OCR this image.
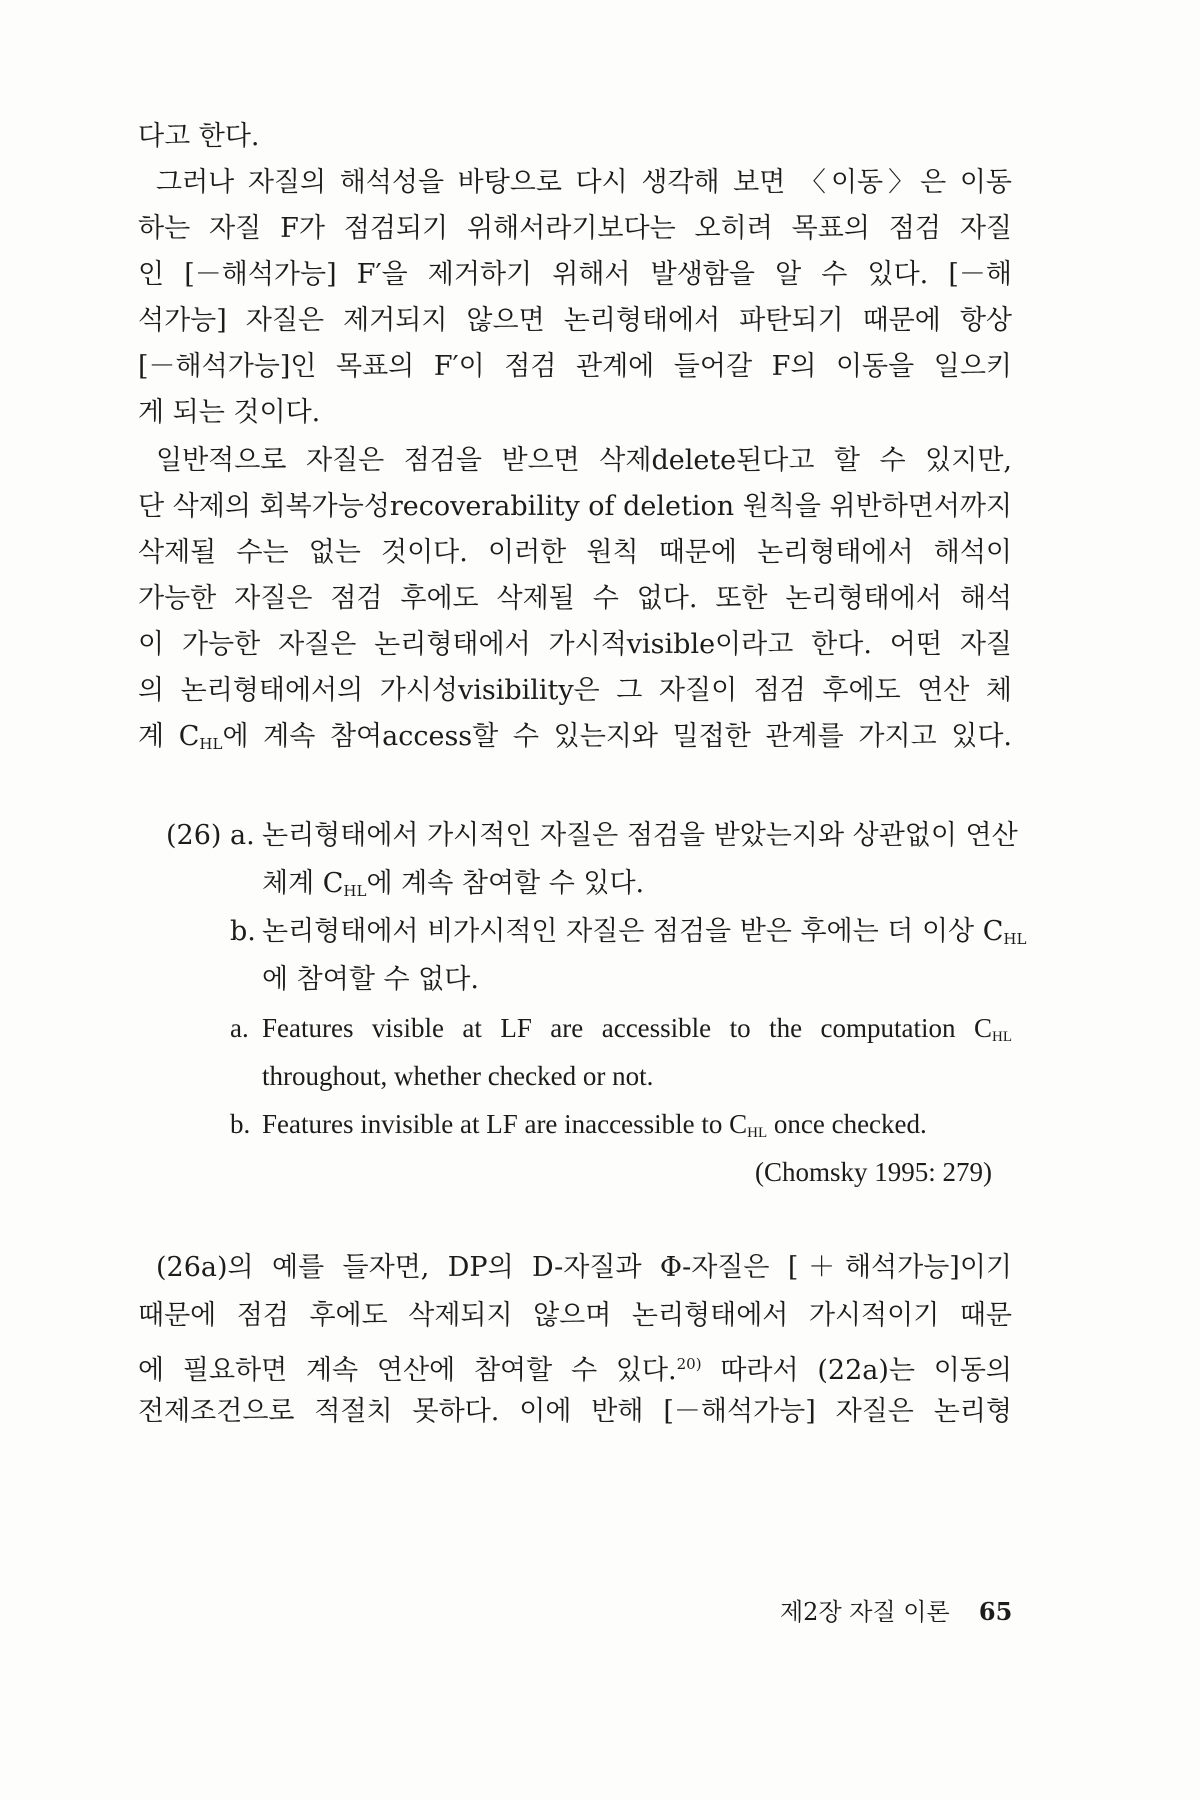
다고 한다.
그러나 자질의 해석성을 바탕으로 다시 생각해 보면 〈이동〉은 이동
하는 자질 F가 점검되기 위해서라기보다는 오히려 목표의 점검 자질
인 [－해석가능] F′을 제거하기 위해서 발생함을 알 수 있다. [－해
석가능] 자질은 제거되지 않으면 논리형태에서 파탄되기 때문에 항상
[－해석가능]인 목표의 F′이 점검 관계에 들어갈 F의 이동을 일으키
게 되는 것이다.
일반적으로 자질은 점검을 받으면 삭제delete된다고 할 수 있지만,
단 삭제의 회복가능성recoverability of deletion 원칙을 위반하면서까지
삭제될 수는 없는 것이다. 이러한 원칙 때문에 논리형태에서 해석이
가능한 자질은 점검 후에도 삭제될 수 없다. 또한 논리형태에서 해석
이 가능한 자질은 논리형태에서 가시적visible이라고 한다. 어떤 자질
의 논리형태에서의 가시성visibility은 그 자질이 점검 후에도 연산 체
계 $C_{HL}$에 계속 참여access할 수 있는지와 밀접한 관계를 가지고 있다.
(26) a. 논리형태에서 가시적인 자질은 점검을 받았는지와 상관없이 연산
체계 $C_{HL}$에 계속 참여할 수 있다.
b. 논리형태에서 비가시적인 자질은 점검을 받은 후에는 더 이상 $C_{HL}$
에 참여할 수 없다.
a. Features visible at LF are accessible to the computation $C_{HL}$
throughout, whether checked or not.
b. Features invisible at LF are inaccessible to $C_{HL}$ once checked.
(Chomsky 1995: 279)
(26a)의 예를 들자면, DP의 D-자질과 Φ-자질은 [＋해석가능]이기
때문에 점검 후에도 삭제되지 않으며 논리형태에서 가시적이기 때문
에 필요하면 계속 연산에 참여할 수 있다.$^{20)}$ 따라서 (22a)는 이동의
전제조건으로 적절치 못하다. 이에 반해 [－해석가능] 자질은 논리형
제2장 자질 이론 65
